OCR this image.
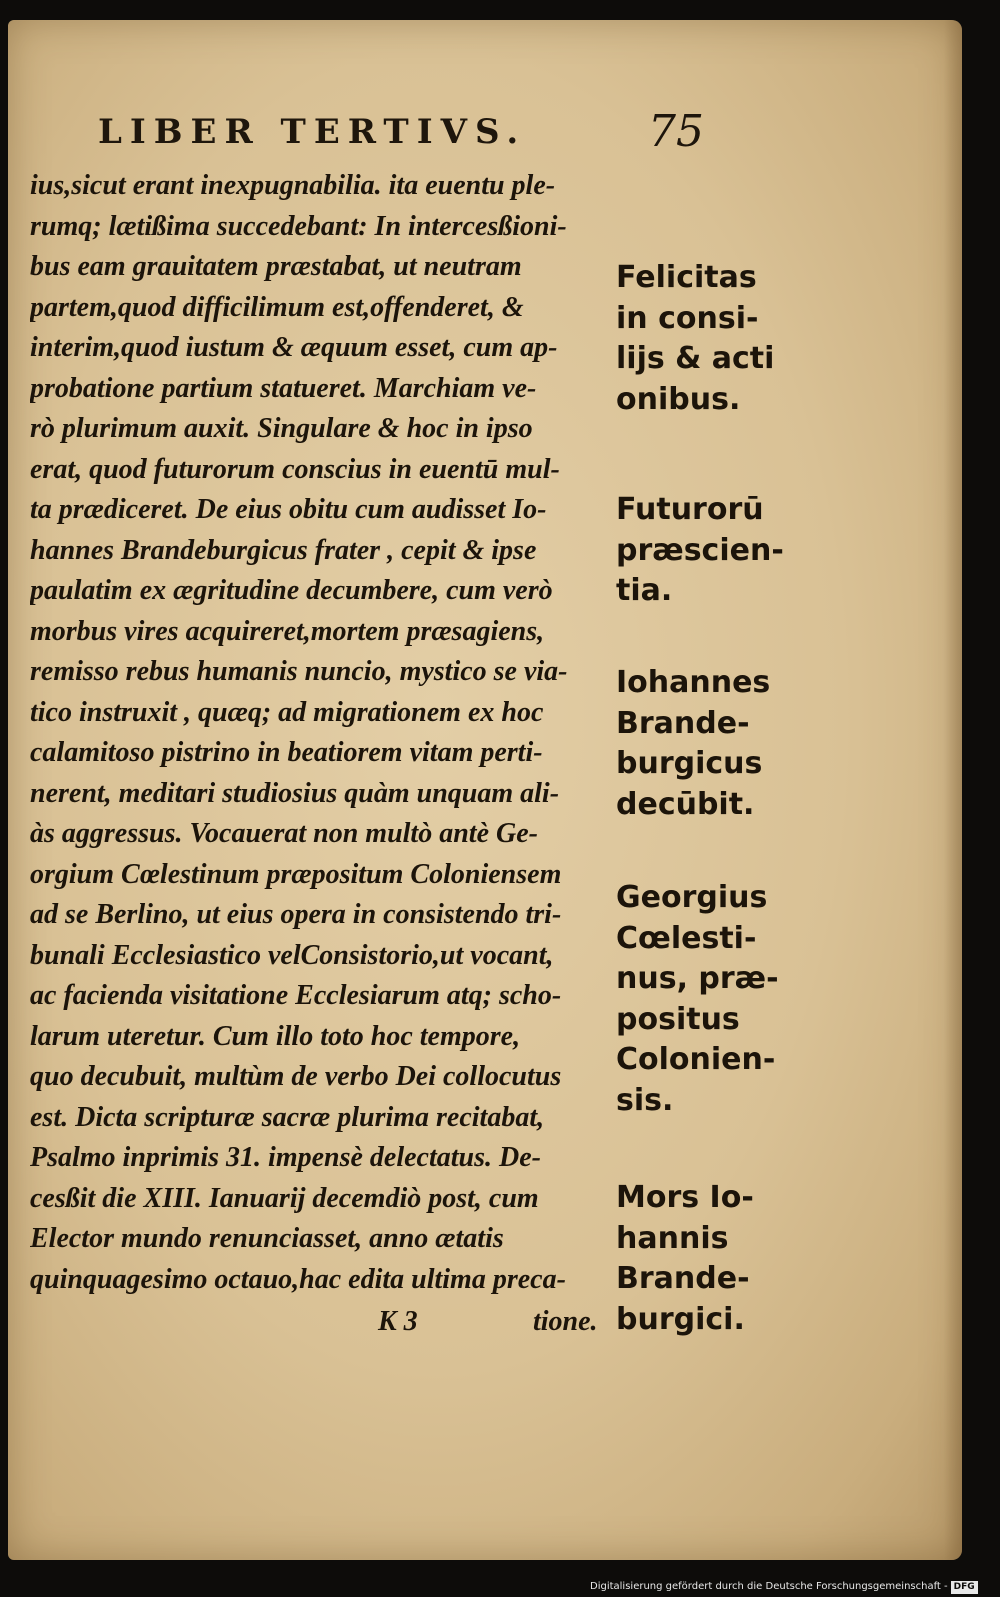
LIBER TERTIVS.	75
ius,sicut erant inexpugnabilia. ita euentu ple-
rumq; lætißima succedebant: In intercesßioni-
bus eam grauitatem præstabat, ut neutram
partem,quod difficilimum est,offenderet, &
interim,quod iustum & æquum esset, cum ap-
probatione partium statueret. Marchiam ve-
rò plurimum auxit. Singulare & hoc in ipso
erat, quod futurorum conscius in euentū mul-
ta prædiceret. De eius obitu cum audisset Io-
hannes Brandeburgicus frater , cepit & ipse
paulatim ex ægritudine decumbere, cum verò
morbus vires acquireret,mortem præsagiens,
remisso rebus humanis nuncio, mystico se via-
tico instruxit , quæq; ad migrationem ex hoc
calamitoso pistrino in beatiorem vitam perti-
nerent, meditari studiosius quàm unquam ali-
às aggressus. Vocauerat non multò antè Ge-
orgium Cœlestinum præpositum Coloniensem
ad se Berlino, ut eius opera in consistendo tri-
bunali Ecclesiastico velConsistorio,ut vocant,
ac facienda visitatione Ecclesiarum atq; scho-
larum uteretur. Cum illo toto hoc tempore,
quo decubuit, multùm de verbo Dei collocutus
est. Dicta scripturæ sacræ plurima recitabat,
Psalmo inprimis 31. impensè delectatus. De-
cesßit die XIII. Ianuarij decemdiò post, cum
Elector mundo renunciasset, anno ætatis
quinquagesimo octauo,hac edita ultima preca-
K 3	tione.
Felicitas
in consi-
lijs & acti
onibus.
Futurorū
præscien-
tia.
Iohannes
Brande-
burgicus
decūbit.
Georgius
Cœlesti-
nus, præ-
positus
Colonien-
sis.
Mors Io-
hannis
Brande-
burgici.
Digitalisierung gefördert durch die Deutsche Forschungsgemeinschaft - DFG
